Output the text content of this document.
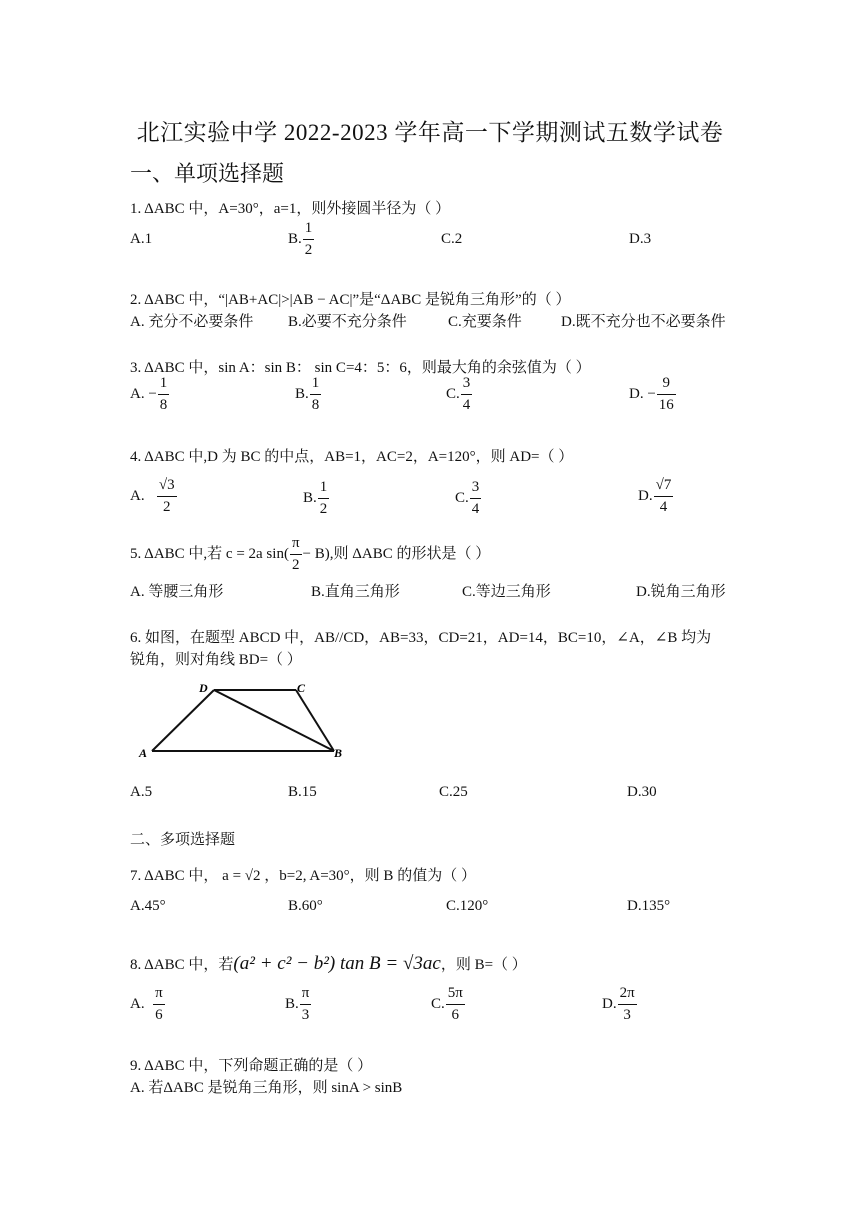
北江实验中学 2022-2023 学年高一下学期测试五数学试卷
一、单项选择题
1. ΔABC 中，A=30°，a=1，则外接圆半径为（ ）
A.1	B. $\frac{1}{2}$	C.2	D.3
2. ΔABC 中，“|AB+AC|>|AB − AC|”是“ΔABC 是锐角三角形”的（ ）
A. 充分不必要条件 B.必要不充分条件	C.充要条件	D.既不充分也不必要条件
3. ΔABC 中，sin A：sin B： sin C=4：5：6，则最大角的余弦值为（ ）
A. − $\frac{1}{8}$	B. $\frac{1}{8}$	C. $\frac{3}{4}$	D. − $\frac{9}{16}$
4. ΔABC 中,D 为 BC 的中点，AB=1，AC=2，A=120°，则 AD=（ ）
A. $\frac{√3}{2}$	B. $\frac{1}{2}$	C. $\frac{3}{4}$	D. $\frac{√7}{4}$
5. ΔABC 中,若 c = 2a $\sin( \frac{\pi}{2} - B)$,则 ΔABC 的形状是（ ）
A. 等腰三角形	B.直角三角形	C.等边三角形	D.锐角三角形
6. 如图，在题型 ABCD 中，AB//CD，AB=33，CD=21，AD=14，BC=10，∠A，∠B 均为
锐角，则对角线 BD=（ ）
A	B
C
D
A.5	B.15	C.25	D.30
二、多项选择题
7. ΔABC 中， a = √2 ，b=2, A=30°，则 B 的值为（ ）
A.45°	B.60°	C.120°	D.135°
8. ΔABC 中，若(a² + c² − b²) tan B = √3ac，则 B=（ ）
A. $\frac{\pi}{6}$	B. $\frac{\pi}{3}$	C. $\frac{5\pi}{6}$	D. $\frac{2\pi}{3}$
9. ΔABC 中，下列命题正确的是（ ）
A. 若ΔABC 是锐角三角形，则 sinA > sinB
